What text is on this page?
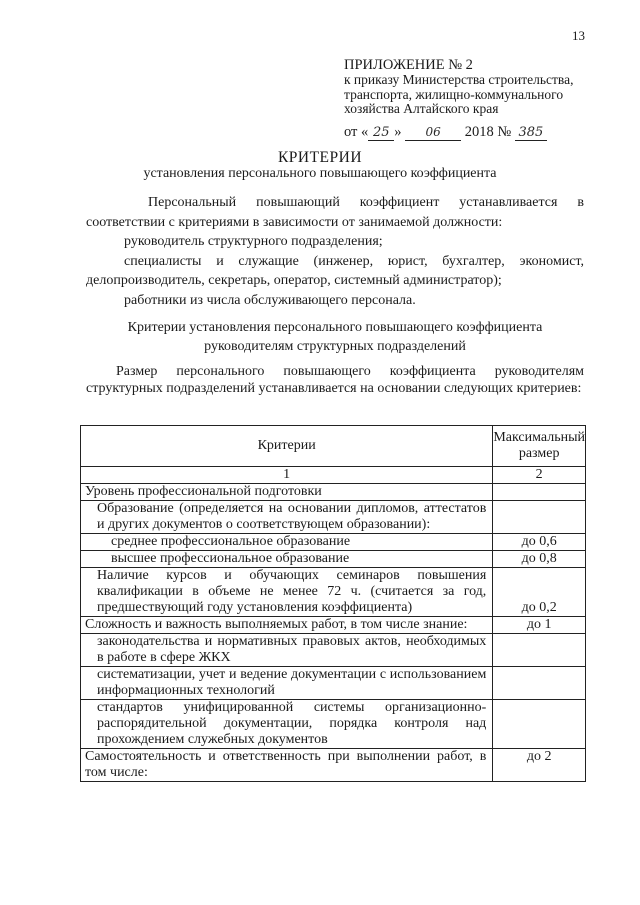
13
ПРИЛОЖЕНИЕ № 2
к приказу Министерства строительства, транспорта, жилищно-коммунального хозяйства Алтайского края
от « 25 » 06 2018 № 385
КРИТЕРИИ
установления персонального повышающего коэффициента

Персональный повышающий коэффициент устанавливается в соответствии с критериями в зависимости от занимаемой должности:

руководитель структурного подразделения;

специалисты и служащие (инженер, юрист, бухгалтер, экономист, делопроизводитель, секретарь, оператор, системный администратор);

работники из числа обслуживающего персонала.

Критерии установления персонального повышающего коэффициента руководителям структурных подразделений
Размер персонального повышающего коэффициента руководителям структурных подразделений устанавливается на основании следующих критериев:
Критерии	Максимальный размер
1	2
Уровень профессиональной подготовки	
Образование (определяется на основании дипломов, аттестатов и других документов о соответствующем образовании):	
среднее профессиональное образование	до 0,6
высшее профессиональное образование	до 0,8
Наличие курсов и обучающих семинаров повышения квалификации в объеме не менее 72 ч. (считается за год, предшествующий году установления коэффициента)	до 0,2
Сложность и важность выполняемых работ, в том числе знание:	до 1
законодательства и нормативных правовых актов, необходимых в работе в сфере ЖКХ	
систематизации, учет и ведение документации с использованием информационных технологий	
стандартов унифицированной системы организационно-распорядительной документации, порядка контроля над прохождением служебных документов	
Самостоятельность и ответственность при выполнении работ, в том числе:	до 2
